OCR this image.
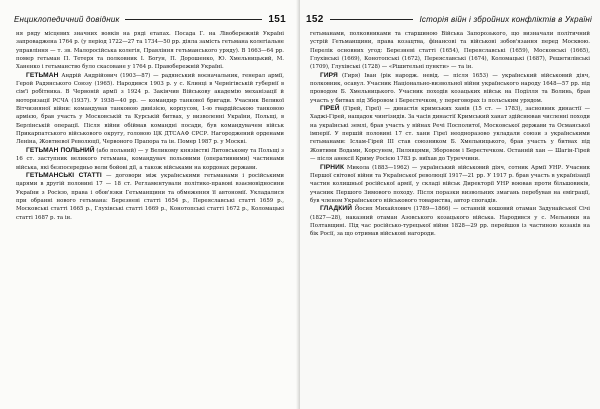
Енциклопедичний довідник	151

ня ряду місцевих значних вояків на ряді етапах. Посада Г. на Лівобережній Україні запроваджена 1764 р. (у період 1722—27 та 1734—50 рр. діяла замість гетьмана колегіальне управління — т. зв. Малоросійська колегія, Правління гетьманського уряду). В 1663—64 рр. помер гетьман П. Тетеря та полковник І. Богун, П. Дорошенко, Ю. Хмельницький, М. Ханенко і гетьманство було скасоване у 1764 р. Правобережній Україні.

ГЕТЬМАН Андрій Андрійович (1903—87) — радянський воєначальник, генерал армії, Герой Радянського Союзу (1965). Народився 1903 р. у с. Клинці в Чернігівській губернії в сім'ї робітника. В Червоній армії з 1924 р. Закінчив Військову академію механізації й моторизації РСЧА (1937). У 1938—40 рр. — командир танкової бригади. Учасник Великої Вітчизняної війни: командував танковою дивізією, корпусом, 1-ю гвардійською танковою армією, брав участь у Московській та Курській битвах, у визволенні України, Польщі, в Берлінській операції. Після війни обіймав командні посади, був командувачем військ Прикарпатського військового округу, головою ЦК ДТСААФ СРСР. Нагороджений орденами Леніна, Жовтневої Революції, Червоного Прапора та ін. Помер 1987 р. у Москві.

ГЕТЬМАН ПОЛЬНИЙ (або польний) — у Великому князівстві Литовському та Польщі з 16 ст. заступник великого гетьмана, командувач польовими (оперативними) частинами війська, які безпосередньо вели бойові дії, а також військами на кордонах держави.

ГЕТЬМАНСЬКІ СТАТТІ — договори між українськими гетьманами і російськими царями в другій половині 17 — 18 ст. Регламентували політико-правові взаємовідносини України з Росією, права і обов'язки Гетьманщини та обмеження її автономії. Укладалися при обранні нового гетьмана: Березневі статті 1654 р., Переяславські статті 1659 р., Московські статті 1665 р., Глухівські статті 1669 р., Конотопські статті 1672 р., Коломацькі статті 1687 р. та ін.

152	Історія війн і збройних конфліктів в Україні

гетьманами, полковниками та старшиною Війська Запорозького, що визначали політичний устрій Гетьманщини, права козацтва, фінансові та військові зобов'язання перед Москвою. Перелік основних угод: Березневі статті (1654), Переяславські (1659), Московські (1665), Глухівські (1669), Конотопські (1672), Переяславські (1674), Коломацькі (1687), Решетилівські (1709), Глухівські (1728) — «Рішительні пункти» — та ін.

ГИРЯ (Гиря) Іван (рік народж. невід. — після 1653) — український військовий діяч, полковник, осавул. Учасник Національно-визвольної війни українського народу 1648—57 рр. під проводом Б. Хмельницького. Учасник походів козацьких військ на Поділля та Волинь, брав участь у битвах під Зборовом і Берестечком, у переговорах із польським урядом.

ГІРЕЙ (Гірей, Гіреї) — династія кримських ханів (15 ст. — 1783), засновник династії — Хаджі-Гірей, нащадок чингізидів. За часів династії Кримський ханат здійснював численні походи на українські землі, брав участь у війнах Речі Посполитої, Московської держави та Османської імперії. У першій половині 17 ст. хани Гіреї неодноразово укладали союзи з українськими гетьманами: Іслам-Гірей III став союзником Б. Хмельницького, брав участь у битвах під Жовтими Водами, Корсунем, Пилявцями, Зборовом і Берестечком. Останній хан — Шагін-Гірей — після анексії Криму Росією 1783 р. виїхав до Туреччини.

ГІРНИК Микола (1883—1962) — український військовий діяч, сотник Армії УНР. Учасник Першої світової війни та Української революції 1917—21 рр. У 1917 р. брав участь в українізації частин колишньої російської армії, у складі військ Директорії УНР воював проти більшовиків, учасник Першого Зимового походу. Після поразки визвольних змагань перебував на еміграції, був членом Українського військового товариства, автор спогадів.

ГЛАДКИЙ Йосип Михайлович (1789—1866) — останній кошовий отаман Задунайської Січі (1827—28), наказний отаман Азовського козацького війська. Народився у с. Мельники на Полтавщині. Під час російсько-турецької війни 1828—29 рр. перейшов із частиною козаків на бік Росії, за що отримав військові нагороди.
